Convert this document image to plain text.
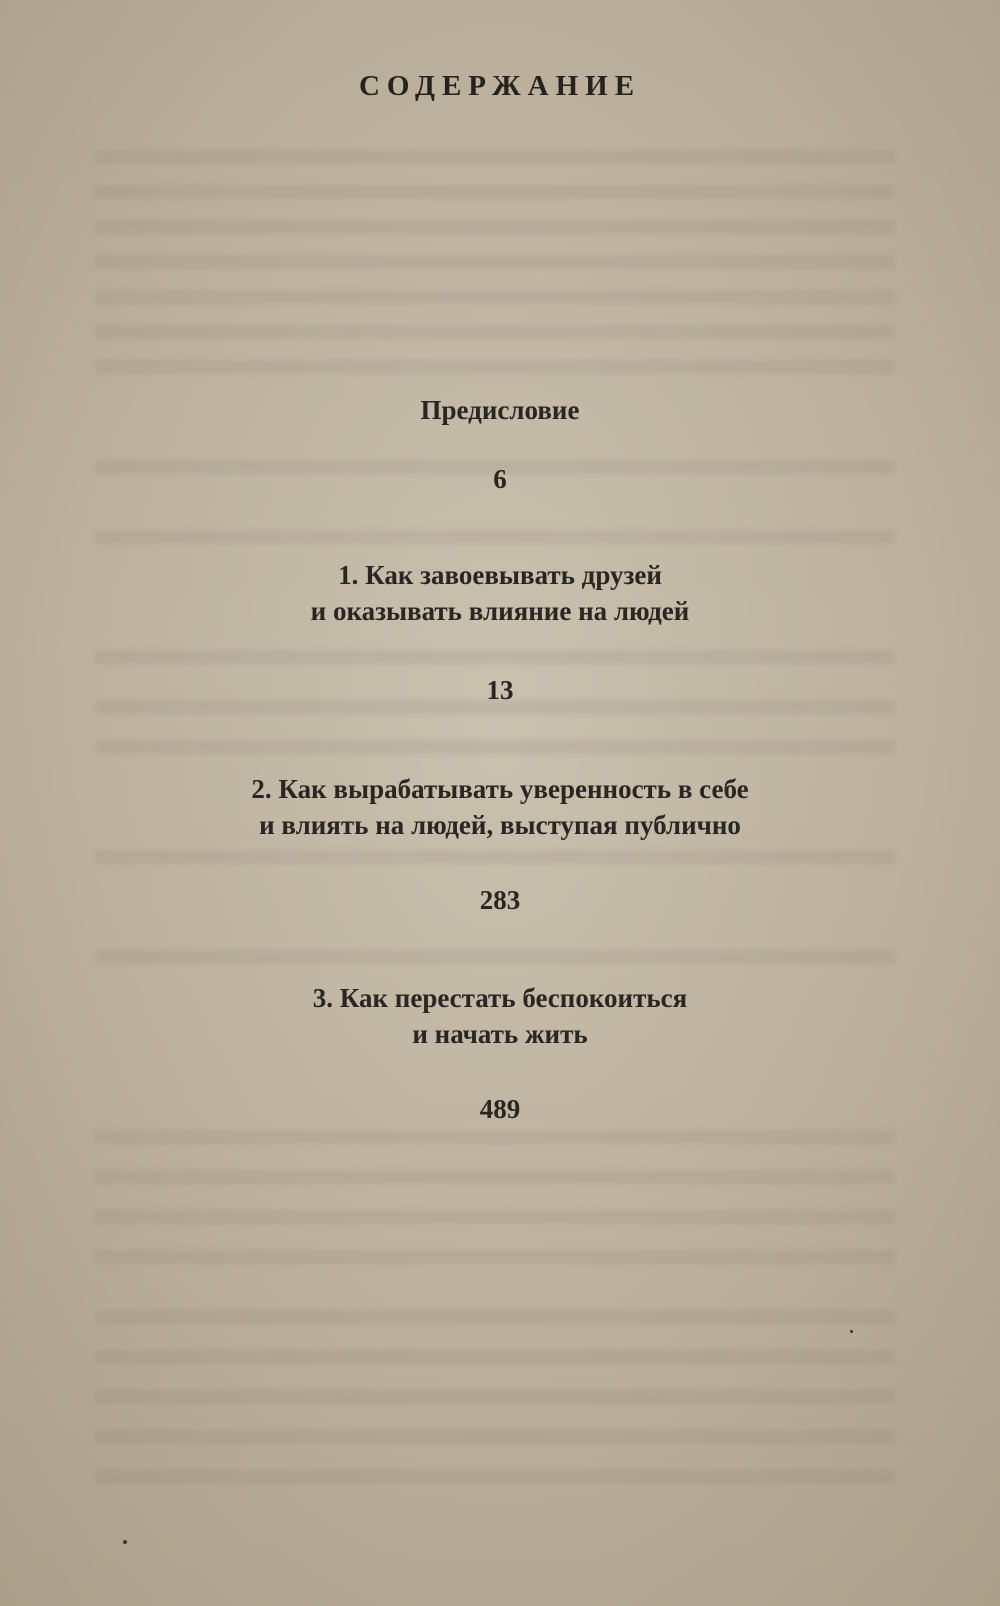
СОДЕРЖАНИЕ
Предисловие
6
1. Как завоевывать друзей
и оказывать влияние на людей
13
2. Как вырабатывать уверенность в себе
и влиять на людей, выступая публично
283
3. Как перестать беспокоиться
и начать жить
489
